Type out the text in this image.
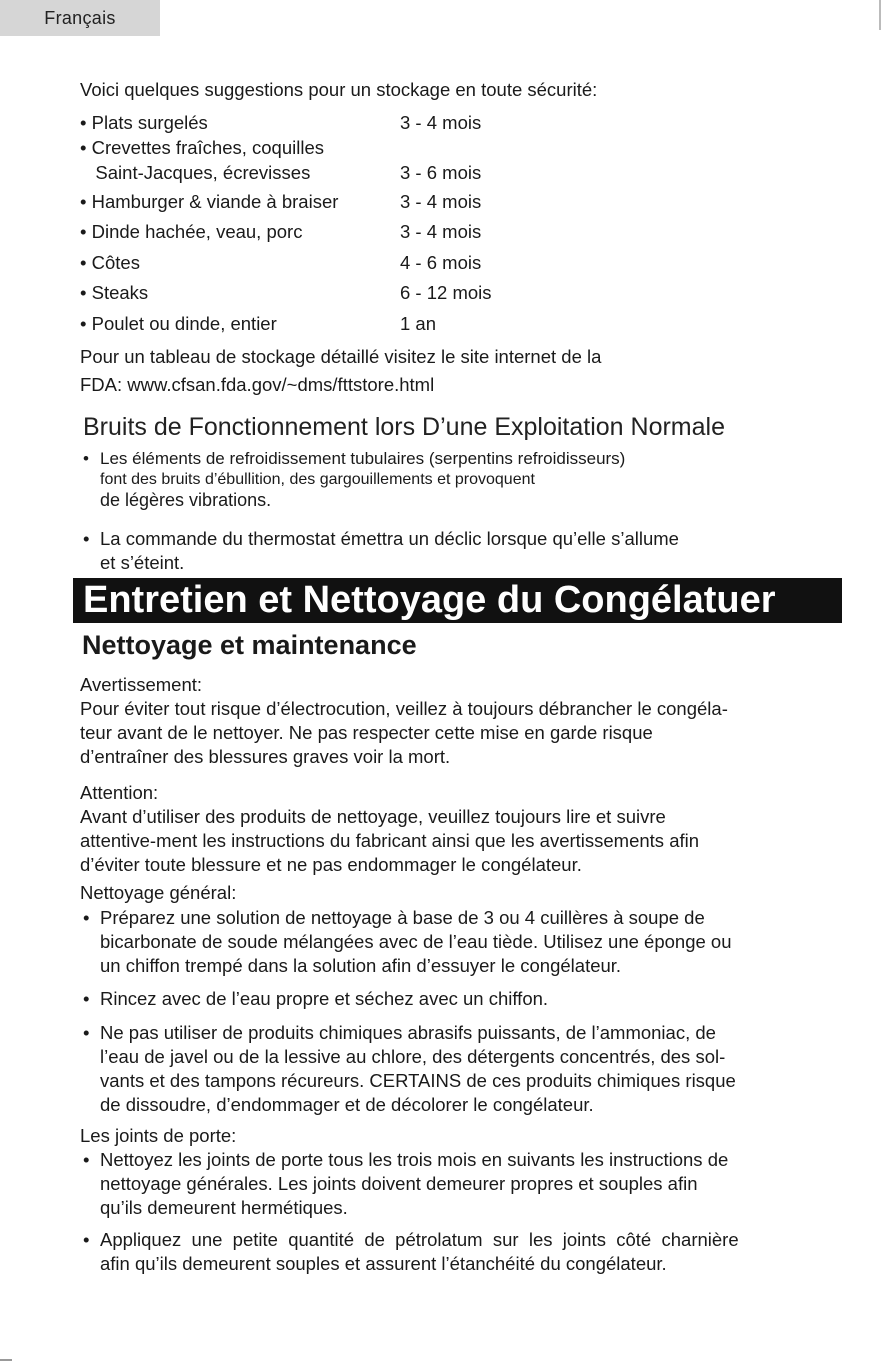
Français
Voici quelques suggestions pour un stockage en toute sécurité:
• Plats surgelés	3 - 4 mois
• Crevettes fraîches, coquilles
Saint-Jacques, écrevisses	3 - 6 mois
• Hamburger & viande à braiser	3 - 4 mois
• Dinde hachée, veau, porc	3 - 4 mois
• Côtes	4 - 6 mois
• Steaks	6 - 12 mois
• Poulet ou dinde, entier	1 an
Pour un tableau de stockage détaillé visitez le site internet de la
FDA: www.cfsan.fda.gov/~dms/fttstore.html
Bruits de Fonctionnement lors D’une Exploitation Normale
• Les éléments de refroidissement tubulaires (serpentins refroidisseurs)
font des bruits d’ébullition, des gargouillements et provoquent
de légères vibrations.
• La commande du thermostat émettra un déclic lorsque qu’elle s’allume
et s’éteint.
Entretien et Nettoyage du Congélatuer
Nettoyage et maintenance
Avertissement:
Pour éviter tout risque d’électrocution, veillez à toujours débrancher le congéla-
teur avant de le nettoyer. Ne pas respecter cette mise en garde risque
d’entraîner des blessures graves voir la mort.
Attention:
Avant d’utiliser des produits de nettoyage, veuillez toujours lire et suivre
attentive-ment les instructions du fabricant ainsi que les avertissements afin
d’éviter toute blessure et ne pas endommager le congélateur.
Nettoyage général:
• Préparez une solution de nettoyage à base de 3 ou 4 cuillères à soupe de
bicarbonate de soude mélangées avec de l’eau tiède. Utilisez une éponge ou
un chiffon trempé dans la solution afin d’essuyer le congélateur.
• Rincez avec de l’eau propre et séchez avec un chiffon.
• Ne pas utiliser de produits chimiques abrasifs puissants, de l’ammoniac, de
l’eau de javel ou de la lessive au chlore, des détergents concentrés, des sol-
vants et des tampons récureurs. CERTAINS de ces produits chimiques risque
de dissoudre, d’endommager et de décolorer le congélateur.
Les joints de porte:
• Nettoyez les joints de porte tous les trois mois en suivants les instructions de
nettoyage générales. Les joints doivent demeurer propres et souples afin
qu’ils demeurent hermétiques.
• Appliquez  une  petite  quantité  de  pétrolatum  sur  les  joints  côté  charnière
afin qu’ils demeurent souples et assurent l’étanchéité du congélateur.
